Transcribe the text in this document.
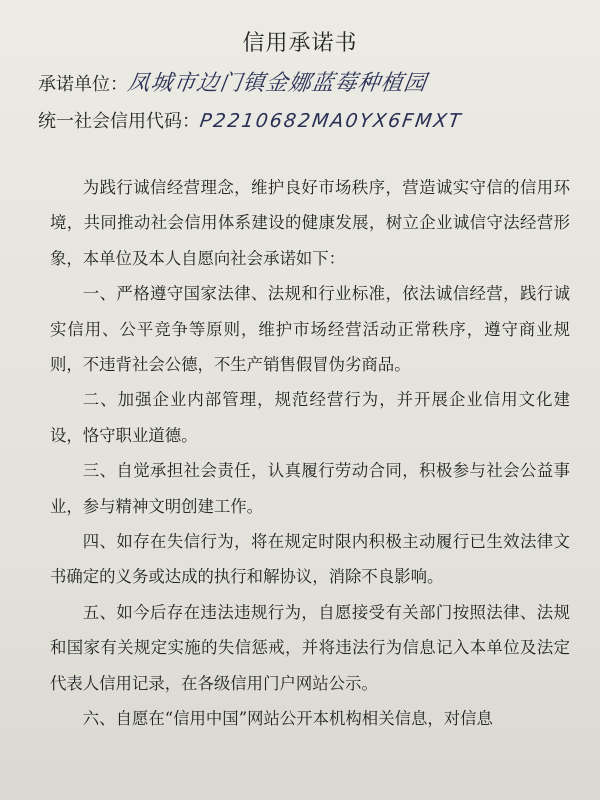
信用承诺书
承诺单位：凤城市边门镇金娜蓝莓种植园
统一社会信用代码：P2210682MA0YX6FMXT

为践行诚信经营理念，维护良好市场秩序，营造诚实守信的信用环境，共同推动社会信用体系建设的健康发展，树立企业诚信守法经营形象，本单位及本人自愿向社会承诺如下：

一、严格遵守国家法律、法规和行业标准，依法诚信经营，践行诚实信用、公平竞争等原则，维护市场经营活动正常秩序，遵守商业规则，不违背社会公德，不生产销售假冒伪劣商品。

二、加强企业内部管理，规范经营行为，并开展企业信用文化建设，恪守职业道德。

三、自觉承担社会责任，认真履行劳动合同，积极参与社会公益事业，参与精神文明创建工作。

四、如存在失信行为，将在规定时限内积极主动履行已生效法律文书确定的义务或达成的执行和解协议，消除不良影响。

五、如今后存在违法违规行为，自愿接受有关部门按照法律、法规和国家有关规定实施的失信惩戒，并将违法行为信息记入本单位及法定代表人信用记录，在各级信用门户网站公示。

六、自愿在“信用中国”网站公开本机构相关信息，对信息
